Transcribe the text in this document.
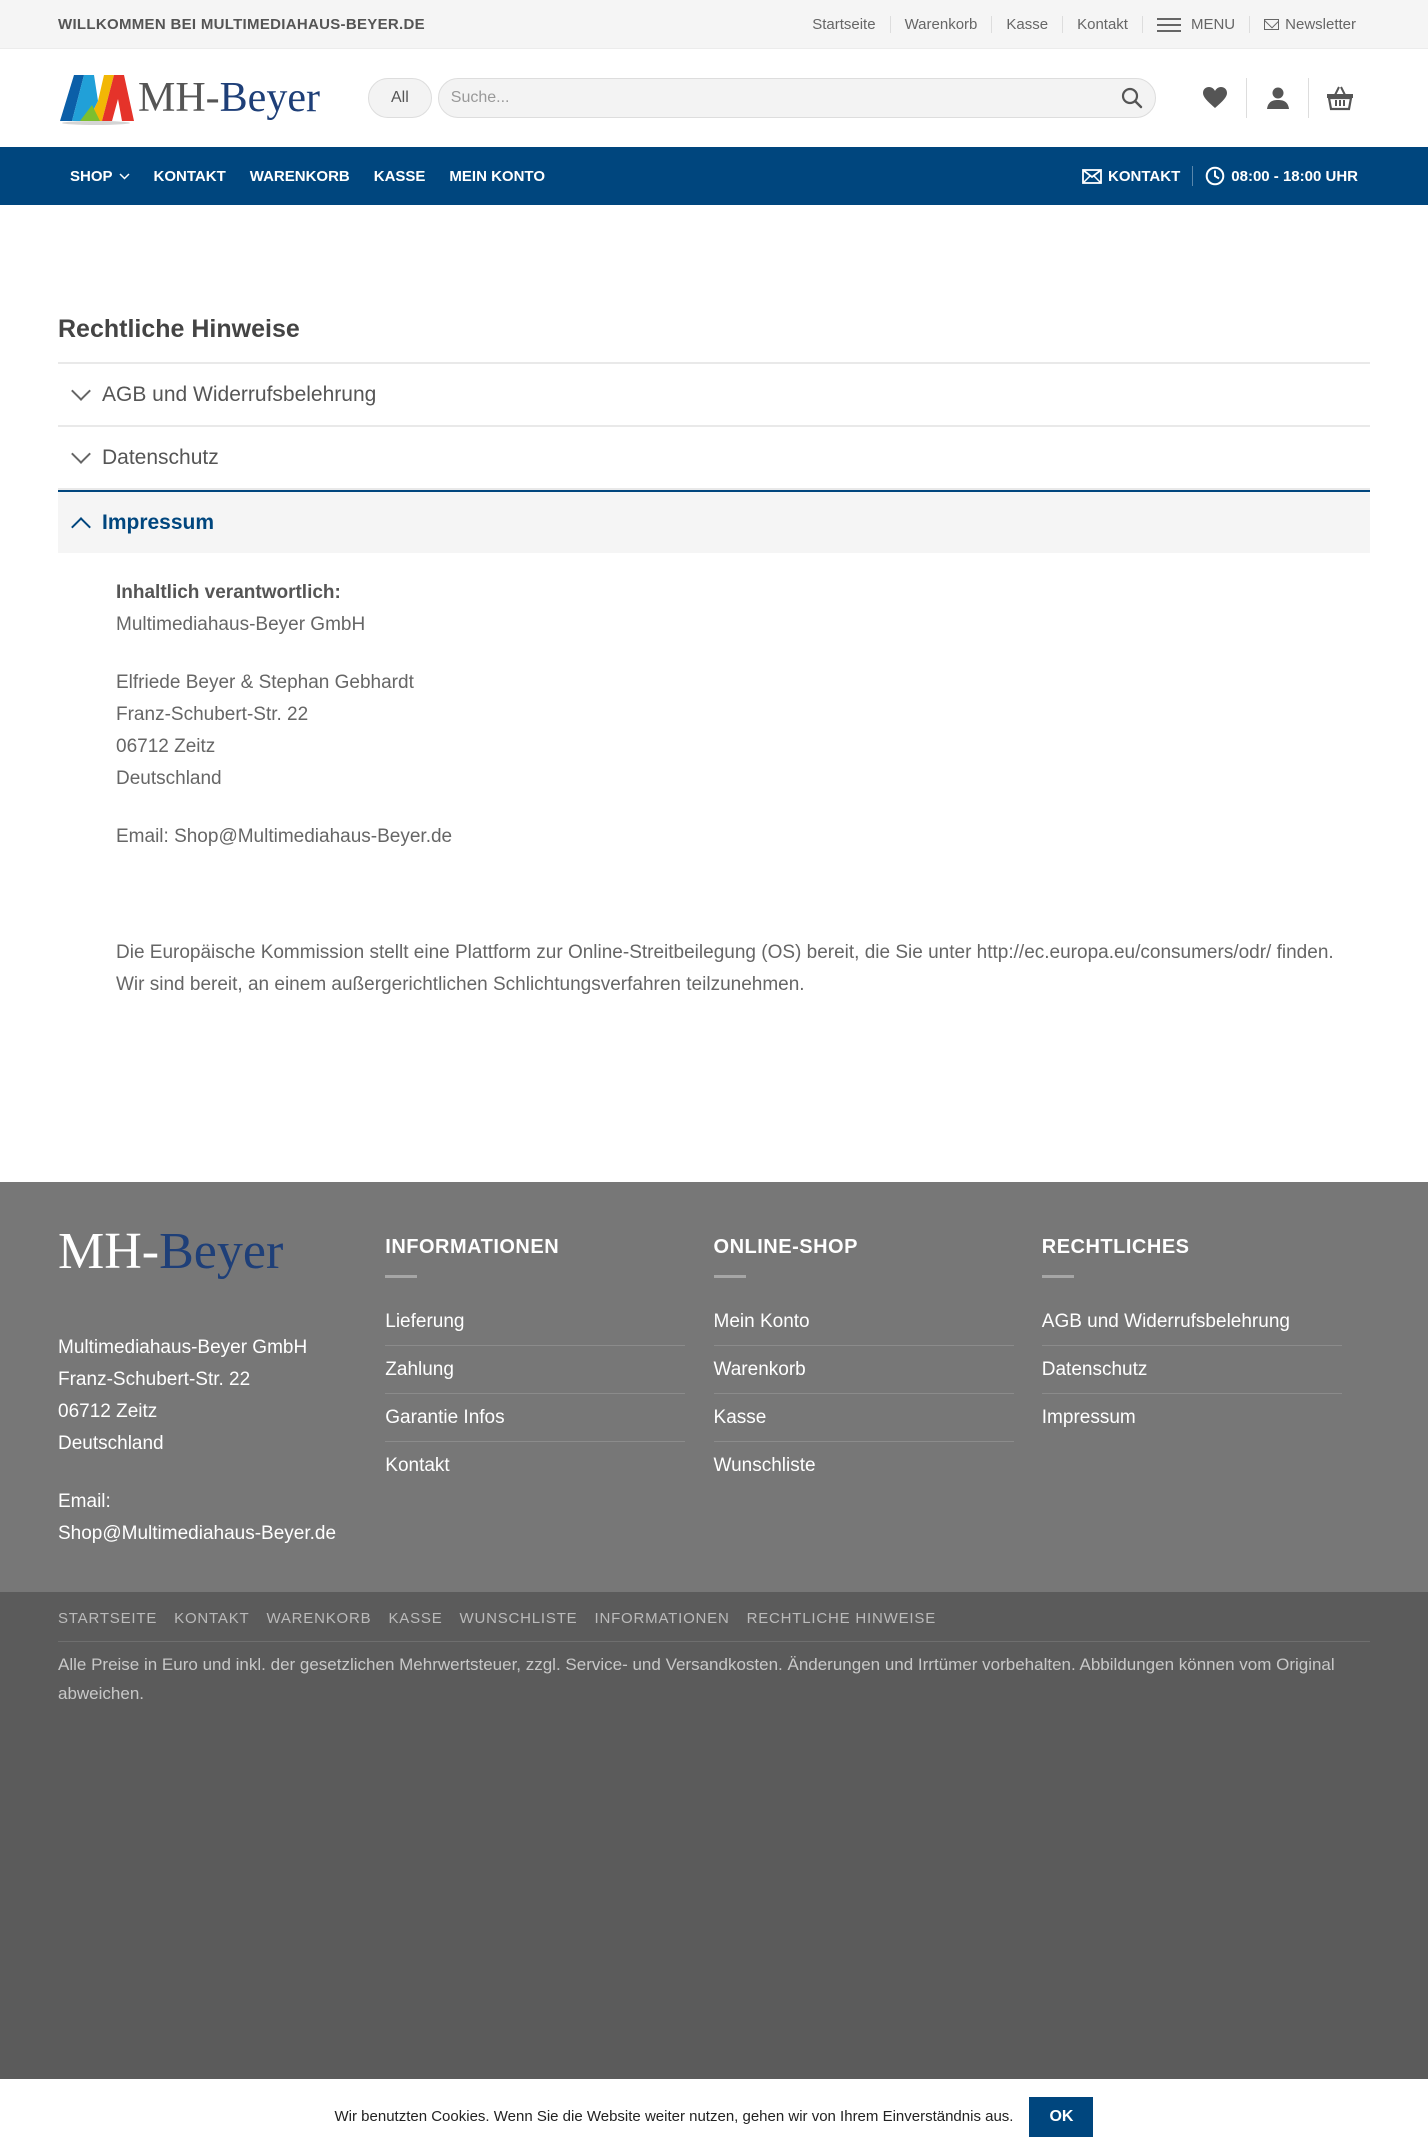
WILLKOMMEN BEI MULTIMEDIAHAUS-BEYER.DE	Startseite	Warenkorb	Kasse	Kontakt	MENU	Newsletter
MH-Beyer	All
Suche...
SHOP	KONTAKT	WARENKORB	KASSE	MEIN KONTO	KONTAKT	08:00 - 18:00 UHR
Rechtliche Hinweise
AGB und Widerrufsbelehrung
Datenschutz
Impressum
Inhaltlich verantwortlich:
Multimediahaus-Beyer GmbH
Elfriede Beyer & Stephan Gebhardt
Franz-Schubert-Str. 22
06712 Zeitz
Deutschland
Email: Shop@Multimediahaus-Beyer.de
Die Europäische Kommission stellt eine Plattform zur Online-Streitbeilegung (OS) bereit, die Sie unter http://ec.europa.eu/consumers/odr/ finden. Wir sind bereit, an einem außergerichtlichen Schlichtungsverfahren teilzunehmen.
MH-Beyer
Multimediahaus-Beyer GmbH
Franz-Schubert-Str. 22
06712 Zeitz
Deutschland
Email:
Shop@Multimediahaus-Beyer.de
INFORMATIONEN
Lieferung
Zahlung
Garantie Infos
Kontakt
ONLINE-SHOP
Mein Konto
Warenkorb
Kasse
Wunschliste
RECHTLICHES
AGB und Widerrufsbelehrung
Datenschutz
Impressum
STARTSEITE KONTAKT WARENKORB KASSE WUNSCHLISTE INFORMATIONEN RECHTLICHE HINWEISE
Alle Preise in Euro und inkl. der gesetzlichen Mehrwertsteuer, zzgl. Service- und Versandkosten. Änderungen und Irrtümer vorbehalten. Abbildungen können vom Original abweichen.
Wir benutzten Cookies. Wenn Sie die Website weiter nutzen, gehen wir von Ihrem Einverständnis aus.	OK
